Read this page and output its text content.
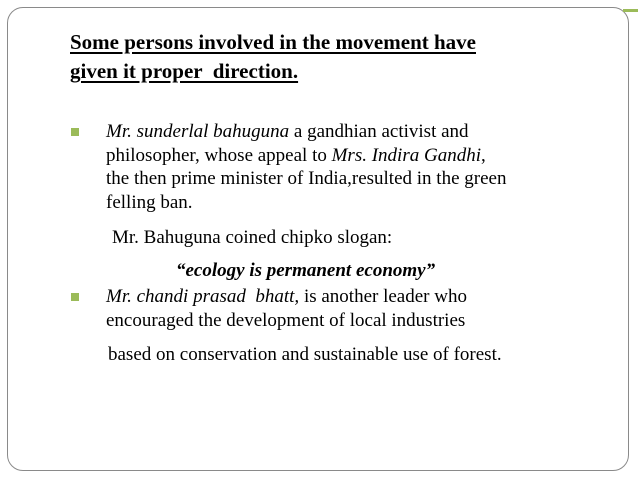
Some persons involved in the movement have
given it proper  direction.
Mr. sunderlal bahuguna a gandhian activist and
philosopher, whose appeal to Mrs. Indira Gandhi,
the then prime minister of India,resulted in the green
felling ban.
Mr. Bahuguna coined chipko slogan:
“ecology is permanent economy”
Mr. chandi prasad  bhatt, is another leader who
encouraged the development of local industries
based on conservation and sustainable use of forest.
